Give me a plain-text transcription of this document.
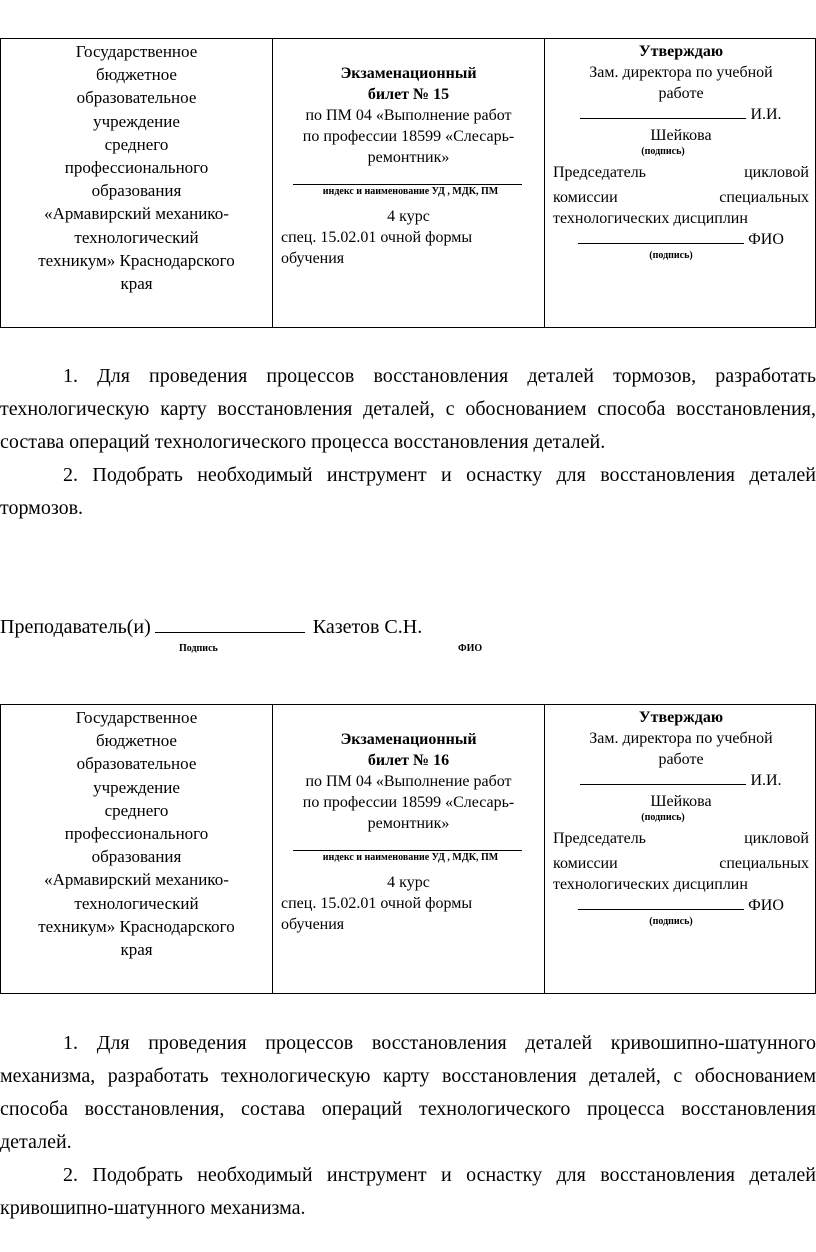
Государственное
бюджетное
образовательное
учреждение
среднего
профессионального
образования
«Армавирский механико-
технологический
техникум» Краснодарского
края
Экзаменационный
билет № 15
по ПМ 04 «Выполнение работ
по профессии 18599 «Слесарь-
ремонтник»
индекс и наименование УД , МДК, ПМ
4 курс
спец. 15.02.01 очной формы
обучения
Утверждаю
Зам. директора по учебной
работе
И.И.
Шейкова
(подпись)
Председатель цикловой
комиссии специальных
технологических дисциплин
ФИО
(подпись)

1. Для проведения процессов восстановления деталей тормозов, разработать технологическую карту восстановления деталей, с обоснованием способа восстановления, состава операций технологического процесса восстановления деталей.

2. Подобрать необходимый инструмент и оснастку для восстановления деталей тормозов.

Преподаватель(и)	Казетов С.Н.
Подпись	ФИО
Государственное
бюджетное
образовательное
учреждение
среднего
профессионального
образования
«Армавирский механико-
технологический
техникум» Краснодарского
края
Экзаменационный
билет № 16
по ПМ 04 «Выполнение работ
по профессии 18599 «Слесарь-
ремонтник»
индекс и наименование УД , МДК, ПМ
4 курс
спец. 15.02.01 очной формы
обучения
Утверждаю
Зам. директора по учебной
работе
И.И.
Шейкова
(подпись)
Председатель цикловой
комиссии специальных
технологических дисциплин
ФИО
(подпись)

1. Для проведения процессов восстановления деталей кривошипно-шатунного механизма, разработать технологическую карту восстановления деталей, с обоснованием способа восстановления, состава операций технологического процесса восстановления деталей.

2. Подобрать необходимый инструмент и оснастку для восстановления деталей кривошипно-шатунного механизма.
